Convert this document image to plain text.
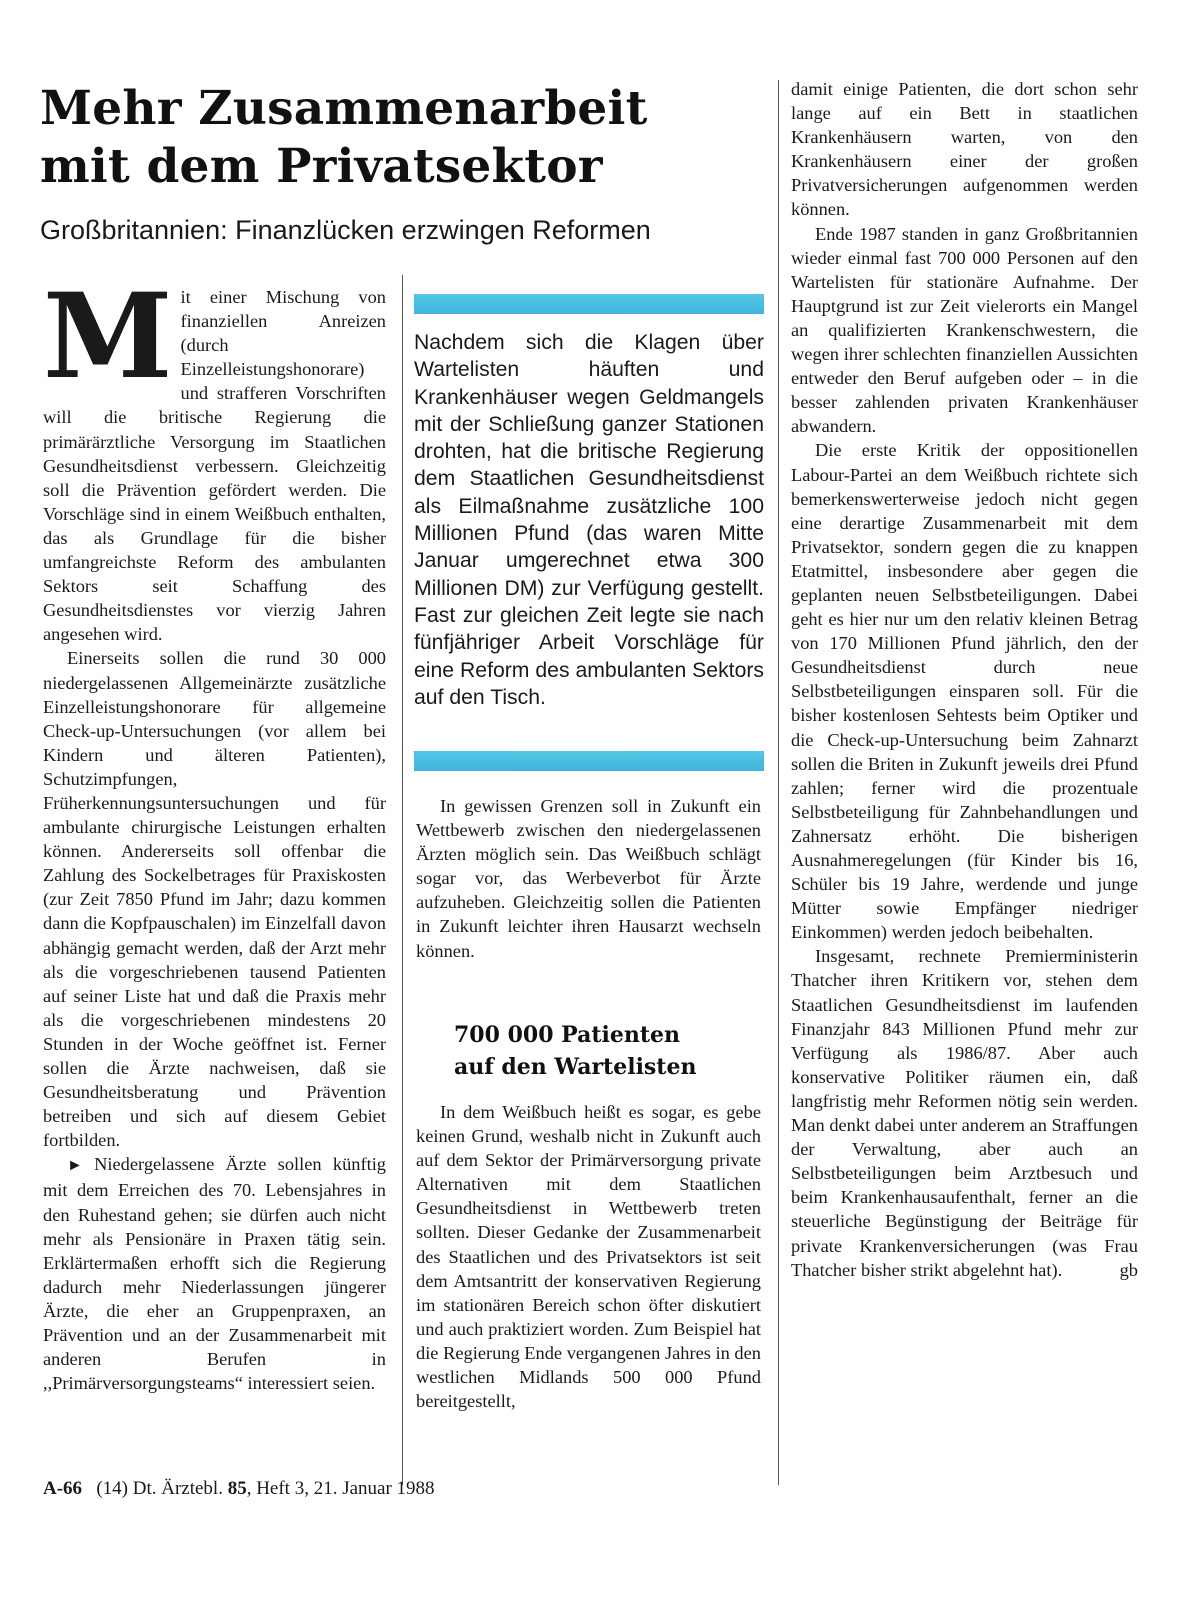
Mehr Zusammenarbeit
mit dem Privatsektor
Großbritannien: Finanzlücken erzwingen Reformen

Mit einer Mischung von finanziellen Anreizen (durch Einzelleistungshonorare) und strafferen Vorschriften will die britische Regierung die primärärztliche Versorgung im Staatlichen Gesundheitsdienst verbessern. Gleichzeitig soll die Prävention gefördert werden. Die Vorschläge sind in einem Weißbuch enthalten, das als Grundlage für die bisher umfangreichste Reform des ambulanten Sektors seit Schaffung des Gesundheitsdienstes vor vierzig Jahren angesehen wird.

Einerseits sollen die rund 30 000 niedergelassenen Allgemeinärzte zusätzliche Einzelleistungshonorare für allgemeine Check-up-Untersuchungen (vor allem bei Kindern und älteren Patienten), Schutzimpfungen, Früherkennungsuntersuchungen und für ambulante chirurgische Leistungen erhalten können. Andererseits soll offenbar die Zahlung des Sockelbetrages für Praxiskosten (zur Zeit 7850 Pfund im Jahr; dazu kommen dann die Kopfpauschalen) im Einzelfall davon abhängig gemacht werden, daß der Arzt mehr als die vorgeschriebenen tausend Patienten auf seiner Liste hat und daß die Praxis mehr als die vorgeschriebenen mindestens 20 Stunden in der Woche geöffnet ist. Ferner sollen die Ärzte nachweisen, daß sie Gesundheitsberatung und Prävention betreiben und sich auf diesem Gebiet fortbilden.

► Niedergelassene Ärzte sollen künftig mit dem Erreichen des 70. Lebensjahres in den Ruhestand gehen; sie dürfen auch nicht mehr als Pensionäre in Praxen tätig sein. Erklärtermaßen erhofft sich die Regierung dadurch mehr Niederlassungen jüngerer Ärzte, die eher an Gruppenpraxen, an Prävention und an der Zusammenarbeit mit anderen Berufen in ,,Primärversorgungsteams“ interessiert seien.

Nachdem sich die Klagen über Wartelisten häuften und Krankenhäuser wegen Geldmangels mit der Schließung ganzer Stationen drohten, hat die britische Regierung dem Staatlichen Gesundheitsdienst als Eilmaßnahme zusätzliche 100 Millionen Pfund (das waren Mitte Januar umgerechnet etwa 300 Millionen DM) zur Verfügung gestellt. Fast zur gleichen Zeit legte sie nach fünfjähriger Arbeit Vorschläge für eine Reform des ambulanten Sektors auf den Tisch.

In gewissen Grenzen soll in Zukunft ein Wettbewerb zwischen den niedergelassenen Ärzten möglich sein. Das Weißbuch schlägt sogar vor, das Werbeverbot für Ärzte aufzuheben. Gleichzeitig sollen die Patienten in Zukunft leichter ihren Hausarzt wechseln können.

700 000 Patienten
auf den Wartelisten

In dem Weißbuch heißt es sogar, es gebe keinen Grund, weshalb nicht in Zukunft auch auf dem Sektor der Primärversorgung private Alternativen mit dem Staatlichen Gesundheitsdienst in Wettbewerb treten sollten. Dieser Gedanke der Zusammenarbeit des Staatlichen und des Privatsektors ist seit dem Amtsantritt der konservativen Regierung im stationären Bereich schon öfter diskutiert und auch praktiziert worden. Zum Beispiel hat die Regierung Ende vergangenen Jahres in den westlichen Midlands 500 000 Pfund bereitgestellt,

damit einige Patienten, die dort schon sehr lange auf ein Bett in staatlichen Krankenhäusern warten, von den Krankenhäusern einer der großen Privatversicherungen aufgenommen werden können.

Ende 1987 standen in ganz Großbritannien wieder einmal fast 700 000 Personen auf den Wartelisten für stationäre Aufnahme. Der Hauptgrund ist zur Zeit vielerorts ein Mangel an qualifizierten Krankenschwestern, die wegen ihrer schlechten finanziellen Aussichten entweder den Beruf aufgeben oder – in die besser zahlenden privaten Krankenhäuser abwandern.

Die erste Kritik der oppositionellen Labour-Partei an dem Weißbuch richtete sich bemerkenswerterweise jedoch nicht gegen eine derartige Zusammenarbeit mit dem Privatsektor, sondern gegen die zu knappen Etatmittel, insbesondere aber gegen die geplanten neuen Selbstbeteiligungen. Dabei geht es hier nur um den relativ kleinen Betrag von 170 Millionen Pfund jährlich, den der Gesundheitsdienst durch neue Selbstbeteiligungen einsparen soll. Für die bisher kostenlosen Sehtests beim Optiker und die Check-up-Untersuchung beim Zahnarzt sollen die Briten in Zukunft jeweils drei Pfund zahlen; ferner wird die prozentuale Selbstbeteiligung für Zahnbehandlungen und Zahnersatz erhöht. Die bisherigen Ausnahmeregelungen (für Kinder bis 16, Schüler bis 19 Jahre, werdende und junge Mütter sowie Empfänger niedriger Einkommen) werden jedoch beibehalten.

Insgesamt, rechnete Premierministerin Thatcher ihren Kritikern vor, stehen dem Staatlichen Gesundheitsdienst im laufenden Finanzjahr 843 Millionen Pfund mehr zur Verfügung als 1986/87. Aber auch konservative Politiker räumen ein, daß langfristig mehr Reformen nötig sein werden. Man denkt dabei unter anderem an Straffungen der Verwaltung, aber auch an Selbstbeteiligungen beim Arztbesuch und beim Krankenhausaufenthalt, ferner an die steuerliche Begünstigung der Beiträge für private Krankenversicherungen (was Frau Thatcher bisher strikt abgelehnt hat).	gb

A-66 (14) Dt. Ärztebl. 85, Heft 3, 21. Januar 1988
